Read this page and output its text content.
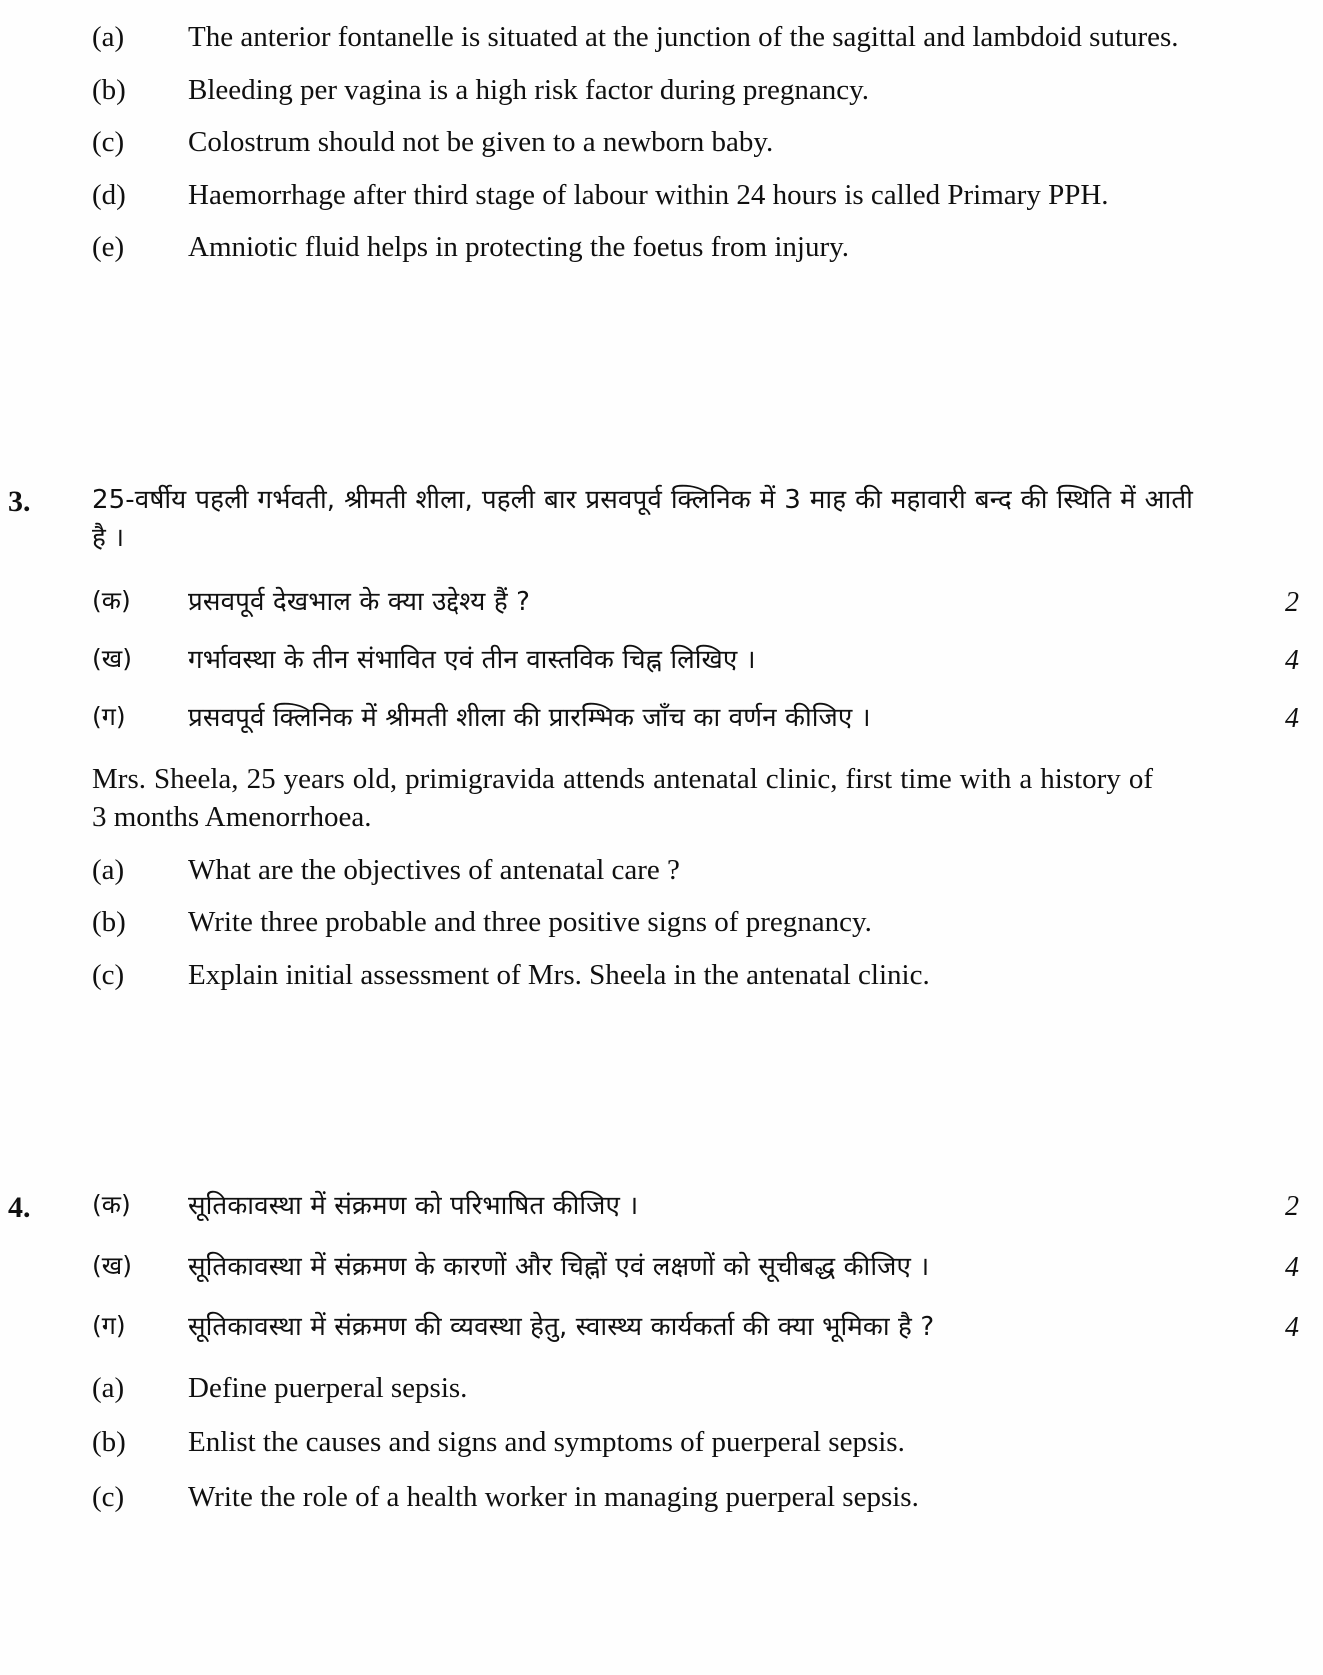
(a)	The anterior fontanelle is situated at the junction of the sagittal and lambdoid sutures.
(b)	Bleeding per vagina is a high risk factor during pregnancy.
(c)	Colostrum should not be given to a newborn baby.
(d)	Haemorrhage after third stage of labour within 24 hours is called Primary PPH.
(e)	Amniotic fluid helps in protecting the foetus from injury.
3.	25-वर्षीय पहली गर्भवती, श्रीमती शीला, पहली बार प्रसवपूर्व क्लिनिक में 3 माह की महावारी बन्द की स्थिति में आती है ।
(क)	प्रसवपूर्व देखभाल के क्या उद्देश्य हैं ?	2
(ख)	गर्भावस्था के तीन संभावित एवं तीन वास्तविक चिह्न लिखिए ।	4
(ग)	प्रसवपूर्व क्लिनिक में श्रीमती शीला की प्रारम्भिक जाँच का वर्णन कीजिए ।	4
Mrs. Sheela, 25 years old, primigravida attends antenatal clinic, first time with a history of 3 months Amenorrhoea.
(a)	What are the objectives of antenatal care ?
(b)	Write three probable and three positive signs of pregnancy.
(c)	Explain initial assessment of Mrs. Sheela in the antenatal clinic.
4.	(क)	सूतिकावस्था में संक्रमण को परिभाषित कीजिए ।	2
(ख)	सूतिकावस्था में संक्रमण के कारणों और चिह्नों एवं लक्षणों को सूचीबद्ध कीजिए ।	4
(ग)	सूतिकावस्था में संक्रमण की व्यवस्था हेतु, स्वास्थ्य कार्यकर्ता की क्या भूमिका है ?	4
(a)	Define puerperal sepsis.
(b)	Enlist the causes and signs and symptoms of puerperal sepsis.
(c)	Write the role of a health worker in managing puerperal sepsis.
